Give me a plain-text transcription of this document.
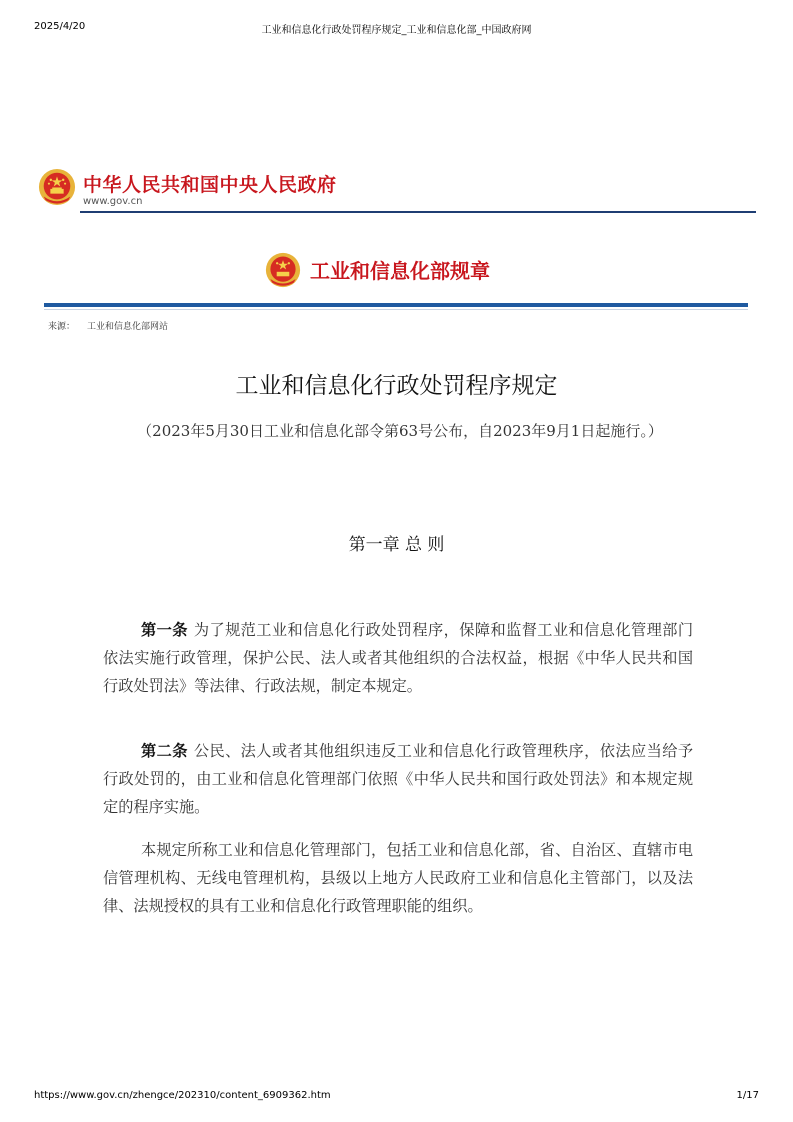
2025/4/20	工业和信息化行政处罚程序规定_工业和信息化部_中国政府网
中华人民共和国中央人民政府
www.gov.cn
工业和信息化部规章
来源： 工业和信息化部网站
工业和信息化行政处罚程序规定
（2023年5月30日工业和信息化部令第63号公布，自2023年9月1日起施行。）
第一章 总 则
第一条 为了规范工业和信息化行政处罚程序，保障和监督工业和信息化管理部门依法实施行政管理，保护公民、法人或者其他组织的合法权益，根据《中华人民共和国行政处罚法》等法律、行政法规，制定本规定。
第二条 公民、法人或者其他组织违反工业和信息化行政管理秩序，依法应当给予行政处罚的，由工业和信息化管理部门依照《中华人民共和国行政处罚法》和本规定规定的程序实施。
本规定所称工业和信息化管理部门，包括工业和信息化部，省、自治区、直辖市电信管理机构、无线电管理机构，县级以上地方人民政府工业和信息化主管部门，以及法律、法规授权的具有工业和信息化行政管理职能的组织。
https://www.gov.cn/zhengce/202310/content_6909362.htm	1/17
